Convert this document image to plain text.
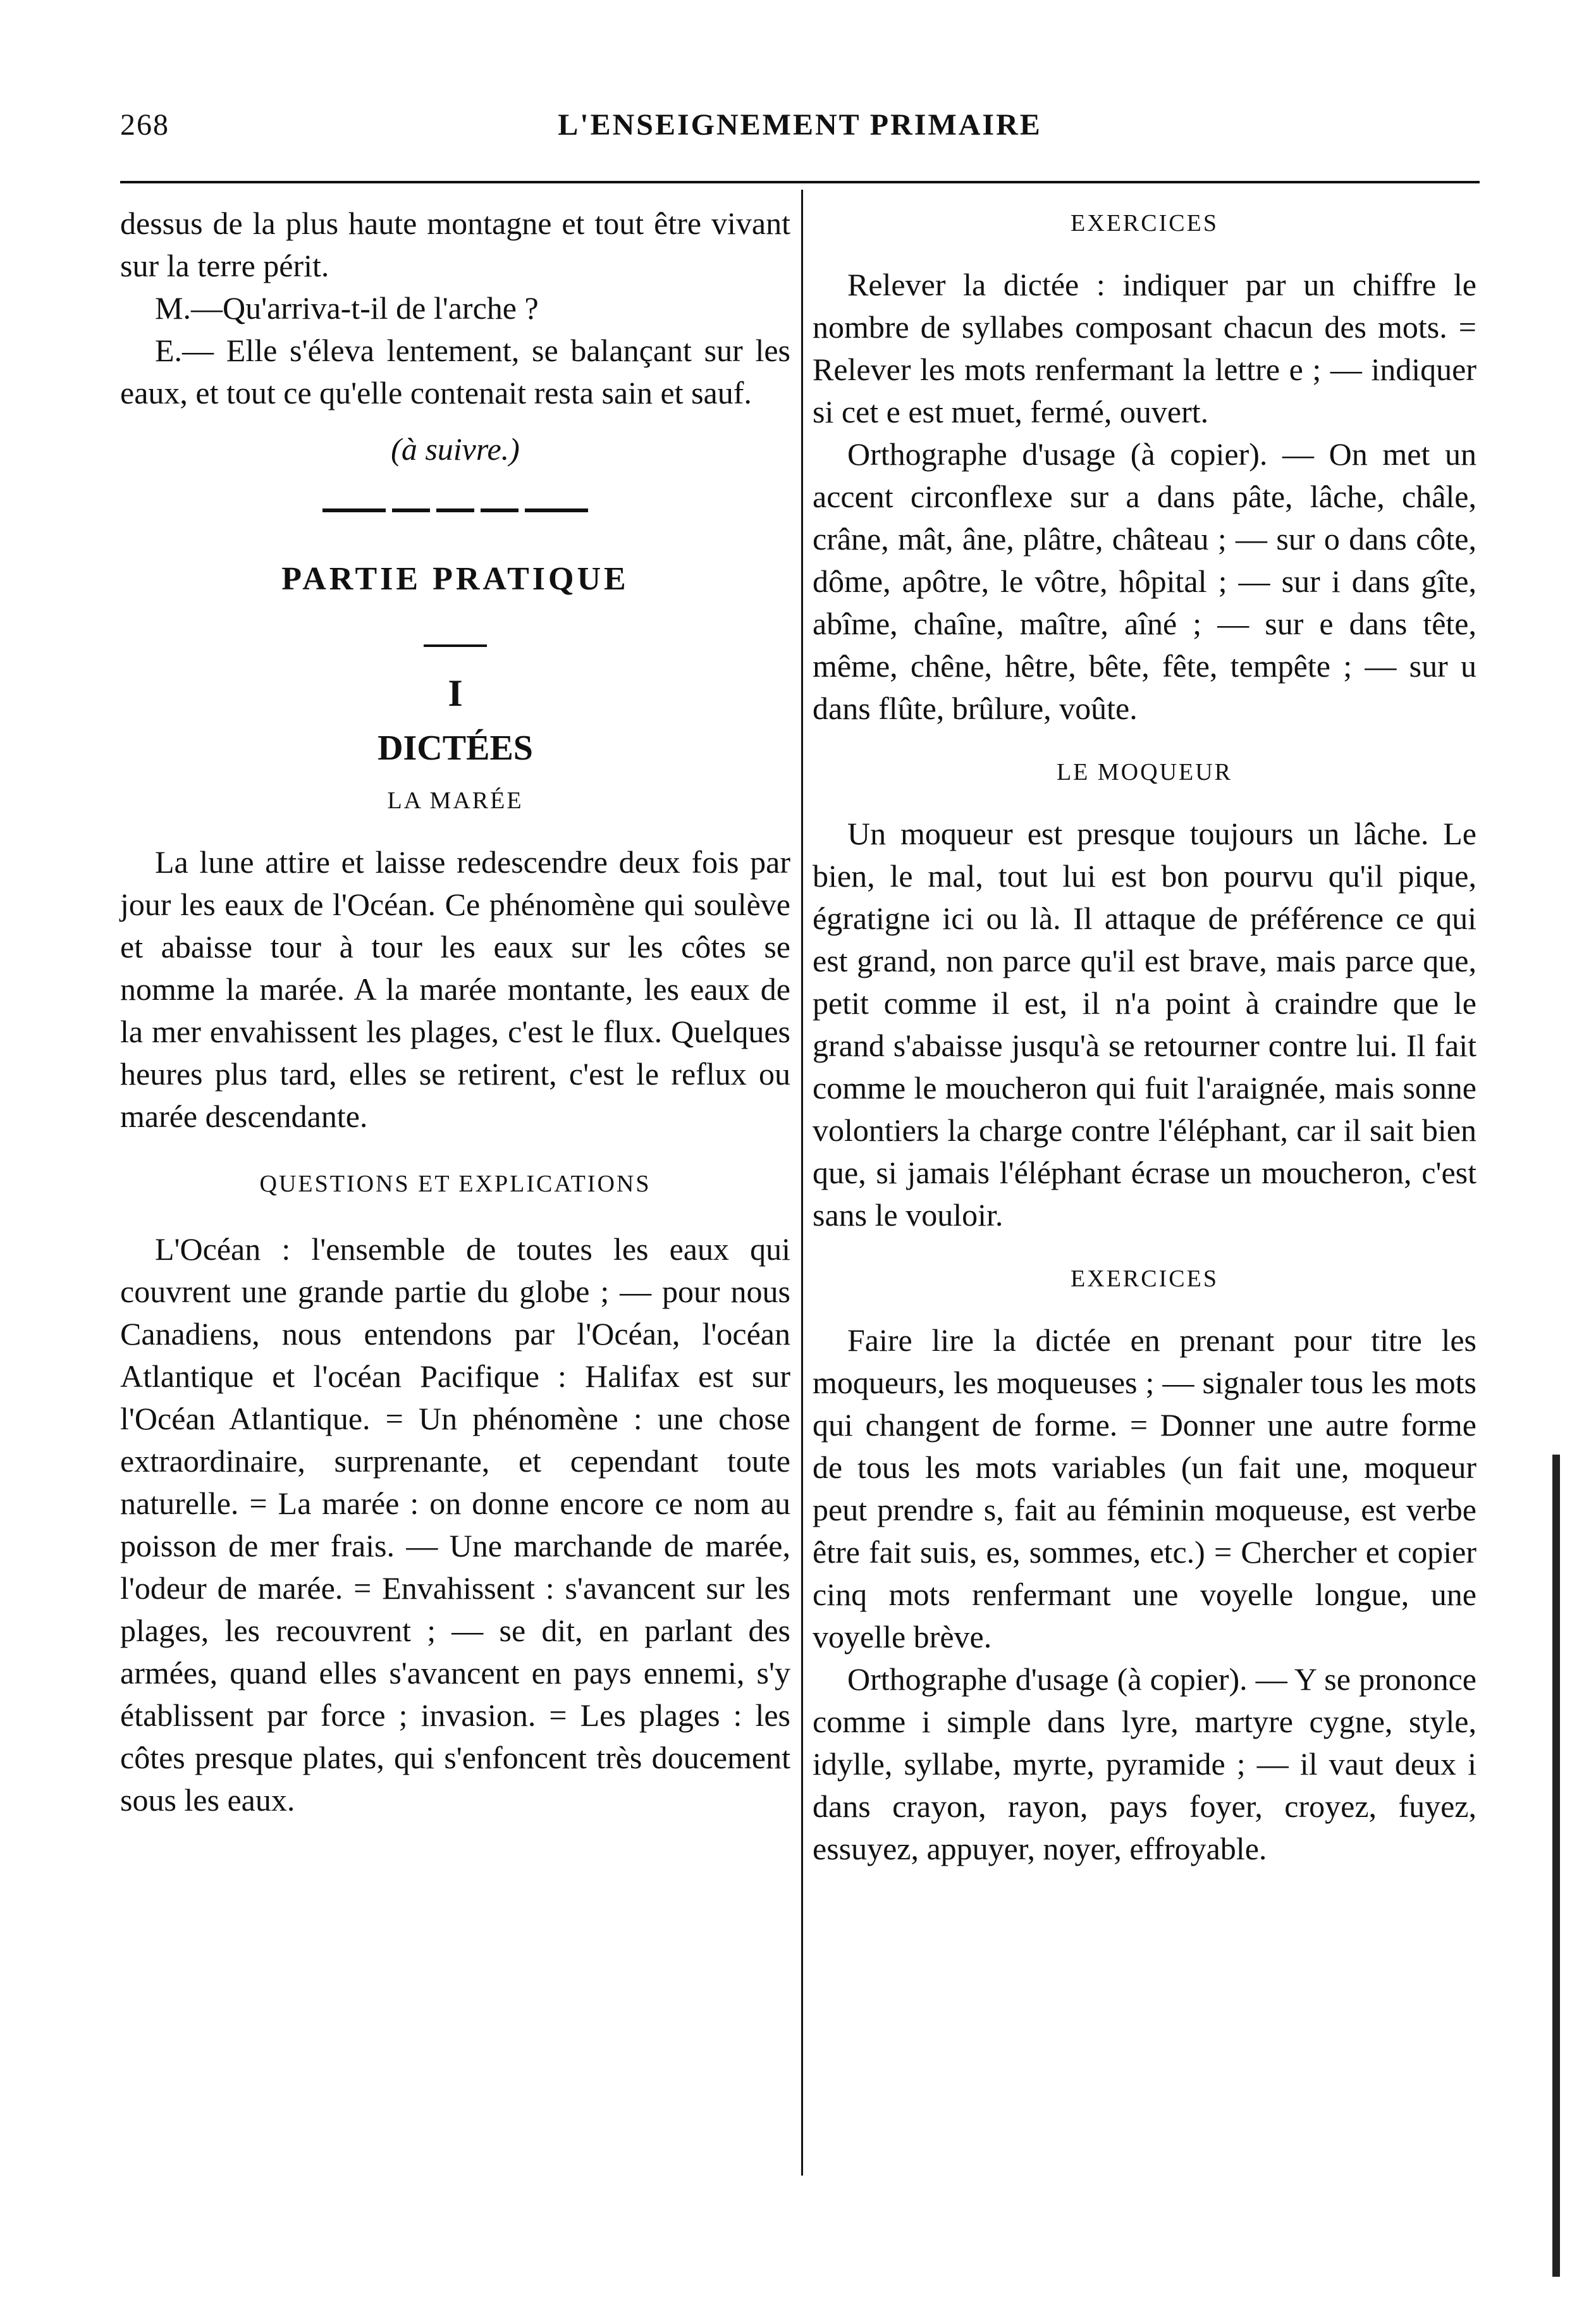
268	L'ENSEIGNEMENT PRIMAIRE

dessus de la plus haute montagne et tout être vivant sur la terre périt.

M.—Qu'arriva-t-il de l'arche ?

E.— Elle s'éleva lentement, se balançant sur les eaux, et tout ce qu'elle contenait resta sain et sauf.

(à suivre.)

PARTIE PRATIQUE
I
DICTÉES
LA MARÉE

La lune attire et laisse redescendre deux fois par jour les eaux de l'Océan. Ce phénomène qui soulève et abaisse tour à tour les eaux sur les côtes se nomme la marée. A la marée montante, les eaux de la mer envahissent les plages, c'est le flux. Quelques heures plus tard, elles se retirent, c'est le reflux ou marée descendante.

QUESTIONS ET EXPLICATIONS

L'Océan : l'ensemble de toutes les eaux qui couvrent une grande partie du globe ; — pour nous Canadiens, nous entendons par l'Océan, l'océan Atlantique et l'océan Pacifique : Halifax est sur l'Océan Atlantique. = Un phénomène : une chose extraordinaire, surprenante, et cependant toute naturelle. = La marée : on donne encore ce nom au poisson de mer frais. — Une marchande de marée, l'odeur de marée. = Envahissent : s'avancent sur les plages, les recouvrent ; — se dit, en parlant des armées, quand elles s'avancent en pays ennemi, s'y établissent par force ; invasion. = Les plages : les côtes presque plates, qui s'enfoncent très doucement sous les eaux.

EXERCICES

Relever la dictée : indiquer par un chiffre le nombre de syllabes composant chacun des mots. = Relever les mots renfermant la lettre e ; — indiquer si cet e est muet, fermé, ouvert.

Orthographe d'usage (à copier). — On met un accent circonflexe sur a dans pâte, lâche, châle, crâne, mât, âne, plâtre, château ; — sur o dans côte, dôme, apôtre, le vôtre, hôpital ; — sur i dans gîte, abîme, chaîne, maître, aîné ; — sur e dans tête, même, chêne, hêtre, bête, fête, tempête ; — sur u dans flûte, brûlure, voûte.

LE MOQUEUR

Un moqueur est presque toujours un lâche. Le bien, le mal, tout lui est bon pourvu qu'il pique, égratigne ici ou là. Il attaque de préférence ce qui est grand, non parce qu'il est brave, mais parce que, petit comme il est, il n'a point à craindre que le grand s'abaisse jusqu'à se retourner contre lui. Il fait comme le moucheron qui fuit l'araignée, mais sonne volontiers la charge contre l'éléphant, car il sait bien que, si jamais l'éléphant écrase un moucheron, c'est sans le vouloir.

EXERCICES

Faire lire la dictée en prenant pour titre les moqueurs, les moqueuses ; — signaler tous les mots qui changent de forme. = Donner une autre forme de tous les mots variables (un fait une, moqueur peut prendre s, fait au féminin moqueuse, est verbe être fait suis, es, sommes, etc.) = Chercher et copier cinq mots renfermant une voyelle longue, une voyelle brève.

Orthographe d'usage (à copier). — Y se prononce comme i simple dans lyre, martyre cygne, style, idylle, syllabe, myrte, pyramide ; — il vaut deux i dans crayon, rayon, pays foyer, croyez, fuyez, essuyez, appuyer, noyer, effroyable.
